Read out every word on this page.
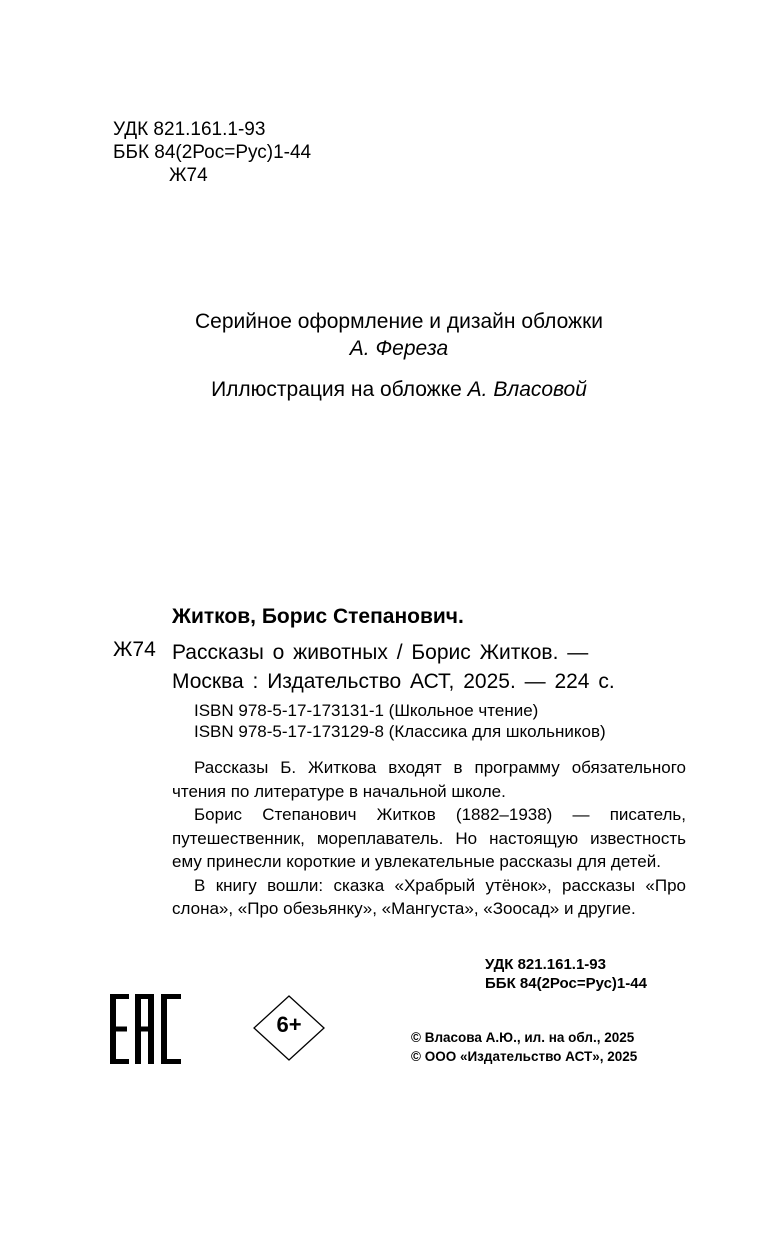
УДК 821.161.1-93
ББК 84(2Рос=Рус)1-44
Ж74
Серийное оформление и дизайн обложки
А. Фереза
Иллюстрация на обложке А. Власовой
Житков, Борис Степанович.
Ж74 Рассказы о животных / Борис Житков. —
Москва : Издательство АСТ, 2025. — 224 с.
ISBN 978-5-17-173131-1 (Школьное чтение)
ISBN 978-5-17-173129-8 (Классика для школьников)

Рассказы Б. Житкова входят в программу обязательного чтения по литературе в начальной школе.

Борис Степанович Житков (1882–1938) — писатель, путешественник, мореплаватель. Но настоящую известность ему принесли короткие и увлекательные рассказы для детей.

В книгу вошли: сказка «Храбрый утёнок», рассказы «Про слона», «Про обезьянку», «Мангуста», «Зоосад» и другие.

УДК 821.161.1-93
ББК 84(2Рос=Рус)1-44
6+
© Власова А.Ю., ил. на обл., 2025
© ООО «Издательство АСТ», 2025
